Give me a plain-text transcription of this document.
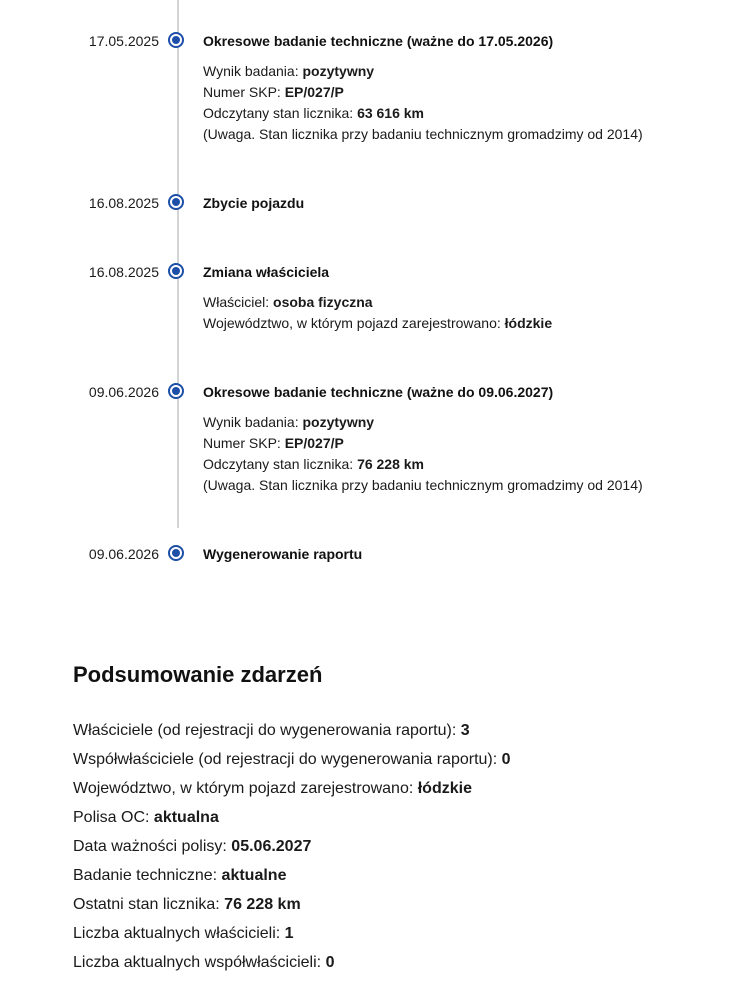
17.05.2025	Okresowe badanie techniczne (ważne do 17.05.2026)
Wynik badania: pozytywny
Numer SKP: EP/027/P
Odczytany stan licznika: 63 616 km
(Uwaga. Stan licznika przy badaniu technicznym gromadzimy od 2014)
16.08.2025	Zbycie pojazdu
16.08.2025	Zmiana właściciela
Właściciel: osoba fizyczna
Województwo, w którym pojazd zarejestrowano: łódzkie
09.06.2026	Okresowe badanie techniczne (ważne do 09.06.2027)
Wynik badania: pozytywny
Numer SKP: EP/027/P
Odczytany stan licznika: 76 228 km
(Uwaga. Stan licznika przy badaniu technicznym gromadzimy od 2014)
09.06.2026	Wygenerowanie raportu
Podsumowanie zdarzeń
Właściciele (od rejestracji do wygenerowania raportu): 3
Współwłaściciele (od rejestracji do wygenerowania raportu): 0
Województwo, w którym pojazd zarejestrowano: łódzkie
Polisa OC: aktualna
Data ważności polisy: 05.06.2027
Badanie techniczne: aktualne
Ostatni stan licznika: 76 228 km
Liczba aktualnych właścicieli: 1
Liczba aktualnych współwłaścicieli: 0
